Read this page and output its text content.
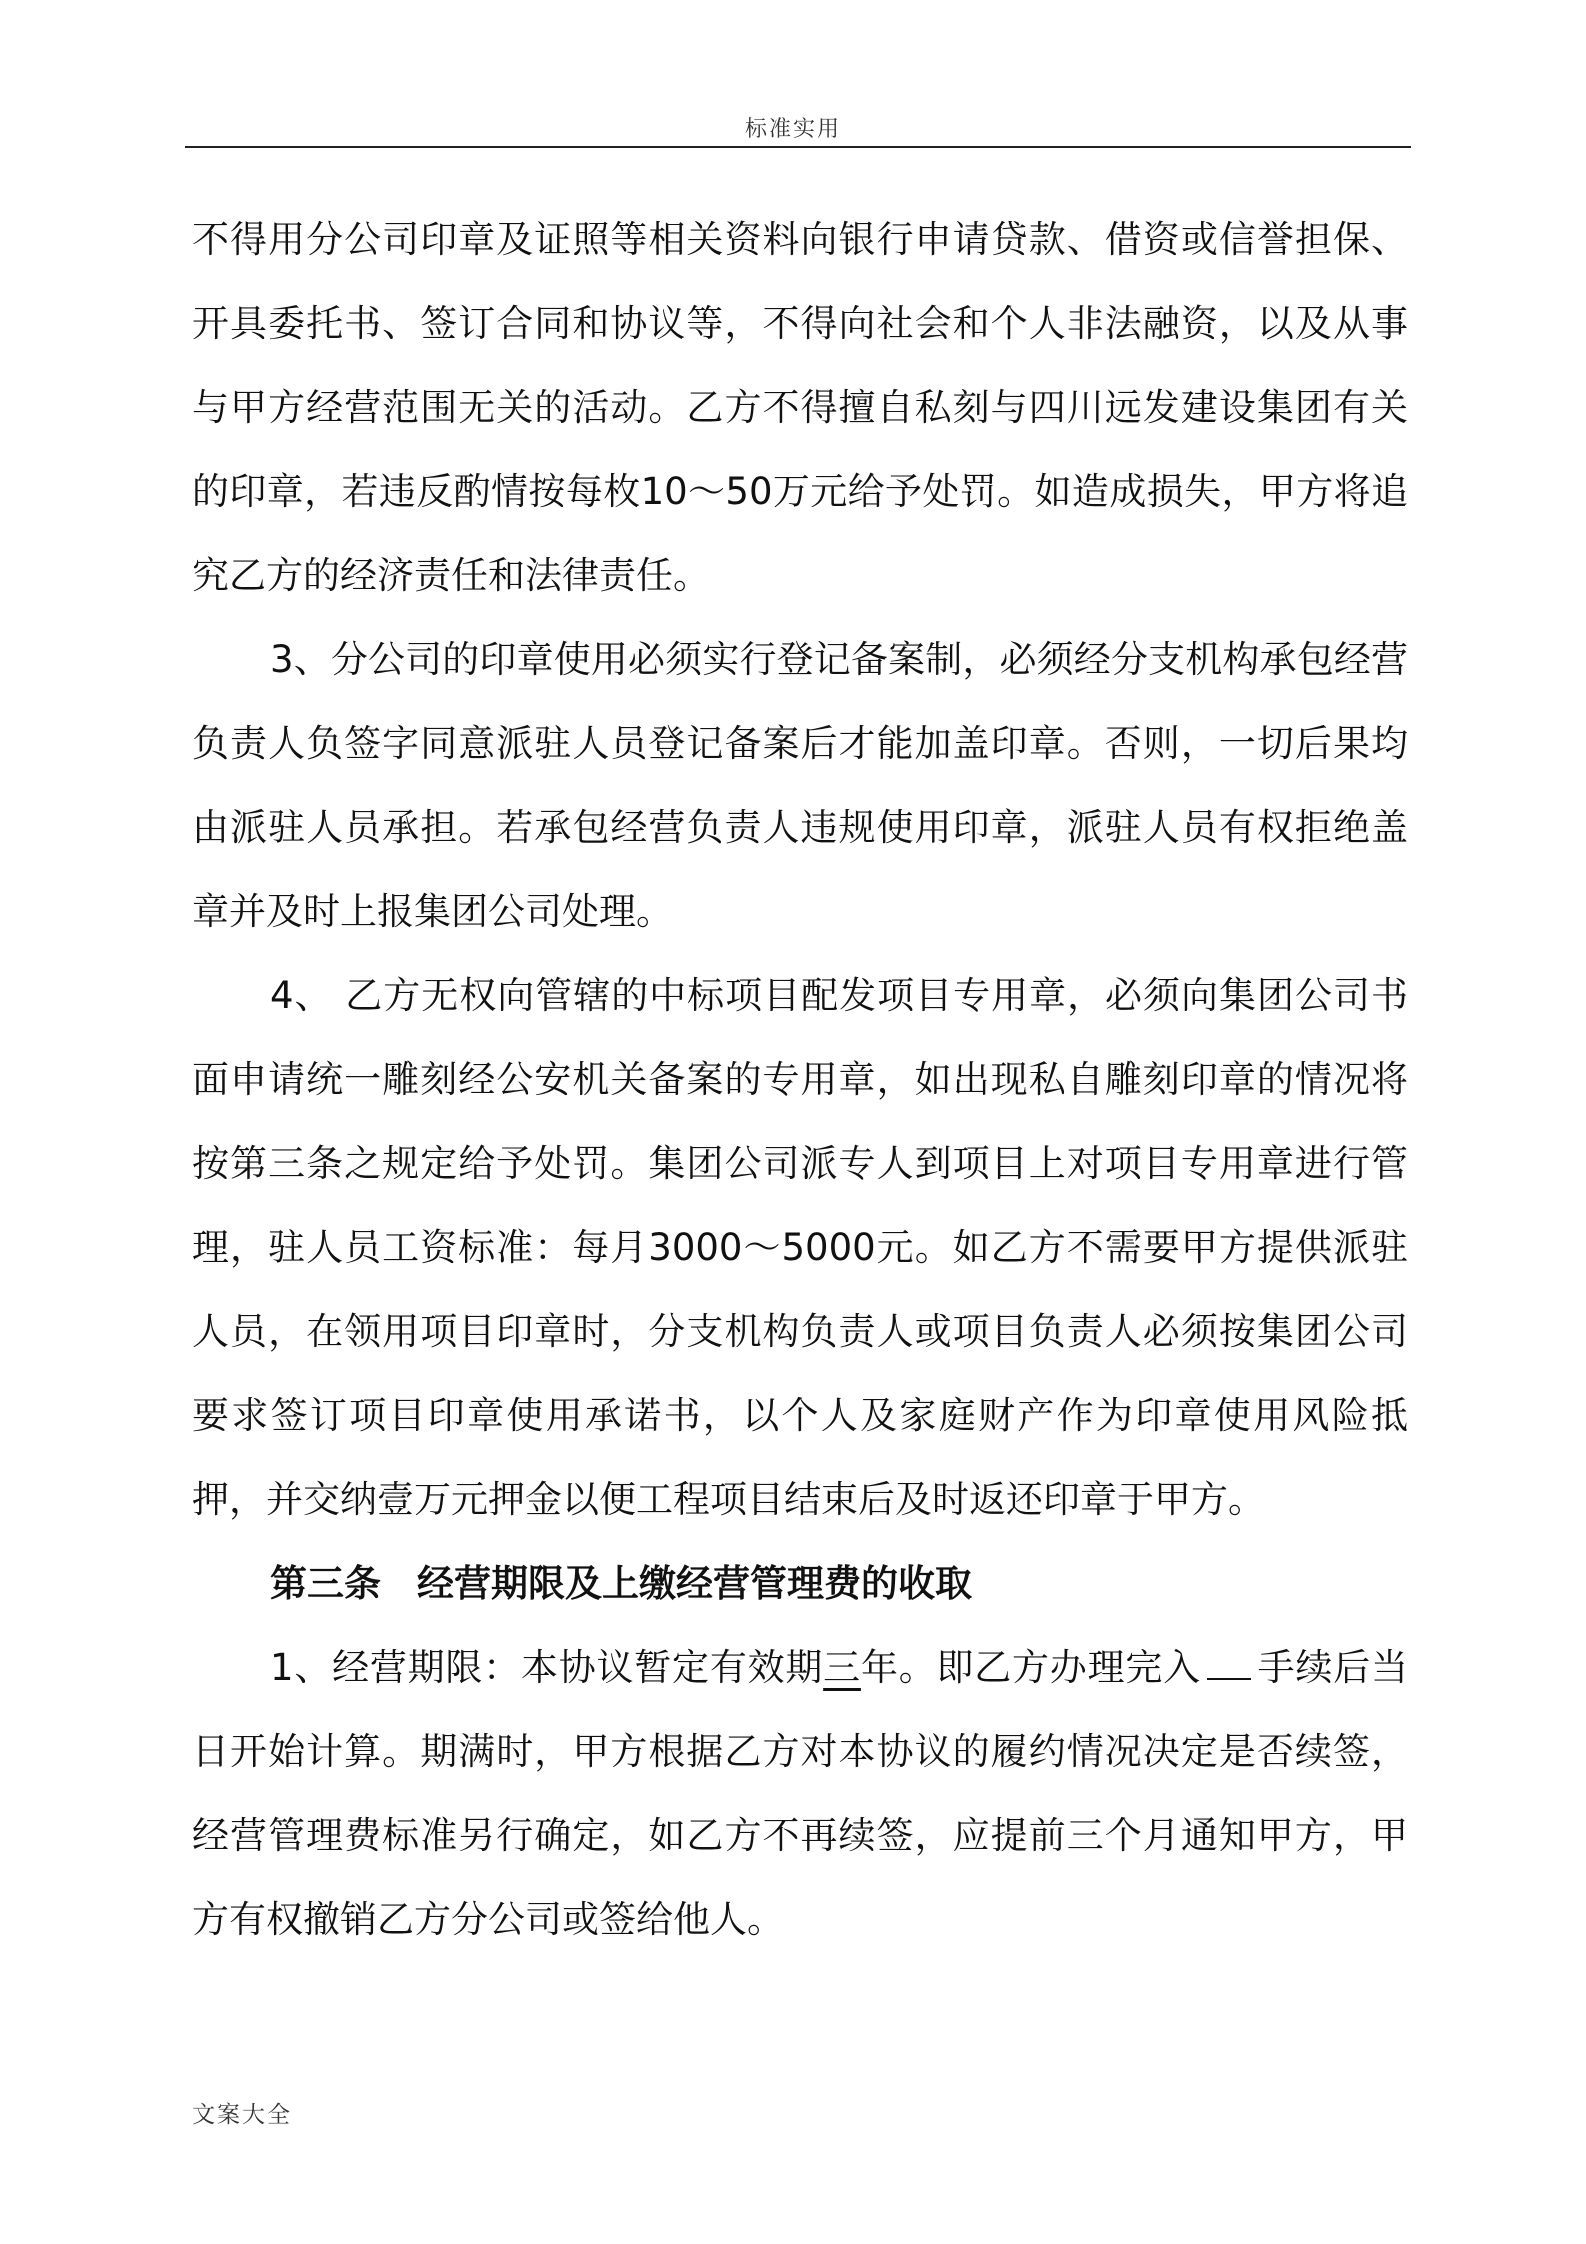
标准实用

不得用分公司印章及证照等相关资料向银行申请贷款、借资或信誉担保、开具委托书、签订合同和协议等，不得向社会和个人非法融资，以及从事与甲方经营范围无关的活动。乙方不得擅自私刻与四川远发建设集团有关的印章，若违反酌情按每枚10～50万元给予处罚。如造成损失，甲方将追究乙方的经济责任和法律责任。

3、分公司的印章使用必须实行登记备案制，必须经分支机构承包经营负责人负签字同意派驻人员登记备案后才能加盖印章。否则，一切后果均由派驻人员承担。若承包经营负责人违规使用印章，派驻人员有权拒绝盖章并及时上报集团公司处理。

4、 乙方无权向管辖的中标项目配发项目专用章，必须向集团公司书面申请统一雕刻经公安机关备案的专用章，如出现私自雕刻印章的情况将按第三条之规定给予处罚。集团公司派专人到项目上对项目专用章进行管理，驻人员工资标准：每月3000～5000元。如乙方不需要甲方提供派驻人员，在领用项目印章时，分支机构负责人或项目负责人必须按集团公司要求签订项目印章使用承诺书，以个人及家庭财产作为印章使用风险抵押，并交纳壹万元押金以便工程项目结束后及时返还印章于甲方。

第三条 经营期限及上缴经营管理费的收取

1、经营期限：本协议暂定有效期三年。即乙方办理完入 手续后当日开始计算。期满时，甲方根据乙方对本协议的履约情况决定是否续签，经营管理费标准另行确定，如乙方不再续签，应提前三个月通知甲方，甲方有权撤销乙方分公司或签给他人。

文案大全
